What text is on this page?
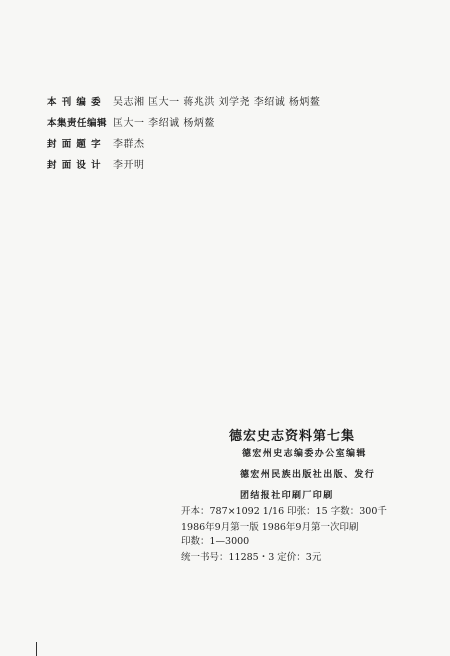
本刊编委 吴志湘 匡大一 蒋兆洪 刘学尧 李绍诚 杨炳鳌
本集责任编辑 匡大一 李绍诚 杨炳鳌
封面题字 李群杰
封面设计 李开明
德宏史志资料第七集
德宏州史志编委办公室编辑
德宏州民族出版社出版、发行
团结报社印刷厂印刷
开本：787×1092 1/16 印张：15 字数：300千
1986年9月第一版 1986年9月第一次印刷
印数：1—3000
统一书号：11285・3 定价：3元
